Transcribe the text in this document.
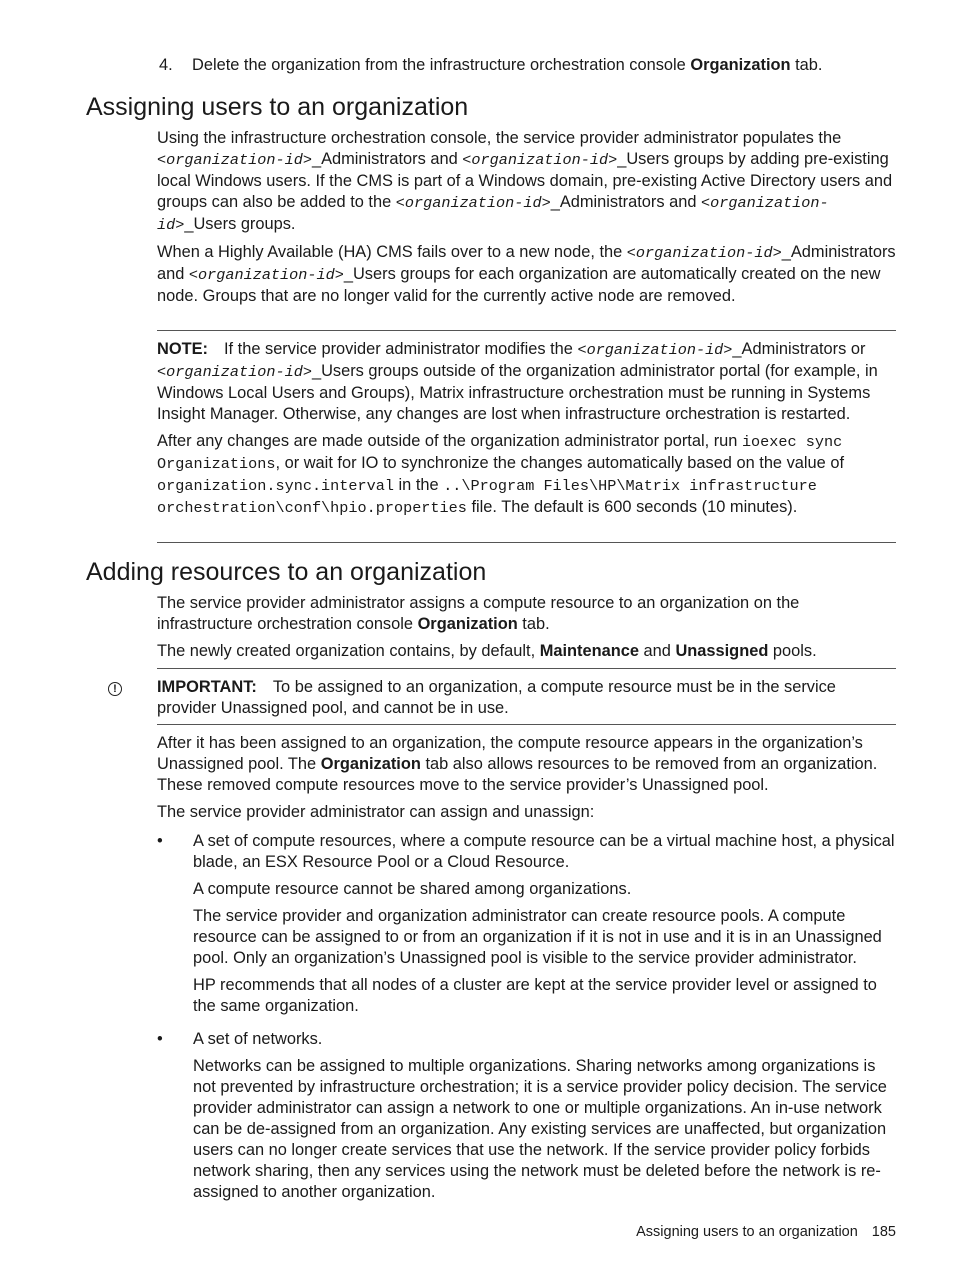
4. Delete the organization from the infrastructure orchestration console Organization tab.
Assigning users to an organization

Using the infrastructure orchestration console, the service provider administrator populates the <organization-id>_Administrators and <organization-id>_Users groups by adding pre-existing local Windows users. If the CMS is part of a Windows domain, pre-existing Active Directory users and groups can also be added to the <organization-id>_Administrators and <organization-id>_Users groups.

When a Highly Available (HA) CMS fails over to a new node, the <organization-id>_Administrators and <organization-id>_Users groups for each organization are automatically created on the new node. Groups that are no longer valid for the currently active node are removed.

NOTE: If the service provider administrator modifies the <organization-id>_Administrators or <organization-id>_Users groups outside of the organization administrator portal (for example, in Windows Local Users and Groups), Matrix infrastructure orchestration must be running in Systems Insight Manager. Otherwise, any changes are lost when infrastructure orchestration is restarted.

After any changes are made outside of the organization administrator portal, run ioexec sync Organizations, or wait for IO to synchronize the changes automatically based on the value of organization.sync.interval in the ..\Program Files\HP\Matrix infrastructure orchestration\conf\hpio.properties file. The default is 600 seconds (10 minutes).

Adding resources to an organization

The service provider administrator assigns a compute resource to an organization on the infrastructure orchestration console Organization tab.

The newly created organization contains, by default, Maintenance and Unassigned pools.

!	IMPORTANT: To be assigned to an organization, a compute resource must be in the service provider Unassigned pool, and cannot be in use.

After it has been assigned to an organization, the compute resource appears in the organization’s Unassigned pool. The Organization tab also allows resources to be removed from an organization. These removed compute resources move to the service provider’s Unassigned pool.

The service provider administrator can assign and unassign:

•	A set of compute resources, where a compute resource can be a virtual machine host, a physical blade, an ESX Resource Pool or a Cloud Resource.

A compute resource cannot be shared among organizations.

The service provider and organization administrator can create resource pools. A compute resource can be assigned to or from an organization if it is not in use and it is in an Unassigned pool. Only an organization’s Unassigned pool is visible to the service provider administrator.

HP recommends that all nodes of a cluster are kept at the service provider level or assigned to the same organization.

•	A set of networks.

Networks can be assigned to multiple organizations. Sharing networks among organizations is not prevented by infrastructure orchestration; it is a service provider policy decision. The service provider administrator can assign a network to one or multiple organizations. An in-use network can be de-assigned from an organization. Any existing services are unaffected, but organization users can no longer create services that use the network. If the service provider policy forbids network sharing, then any services using the network must be deleted before the network is re-assigned to another organization.

Assigning users to an organization 185
